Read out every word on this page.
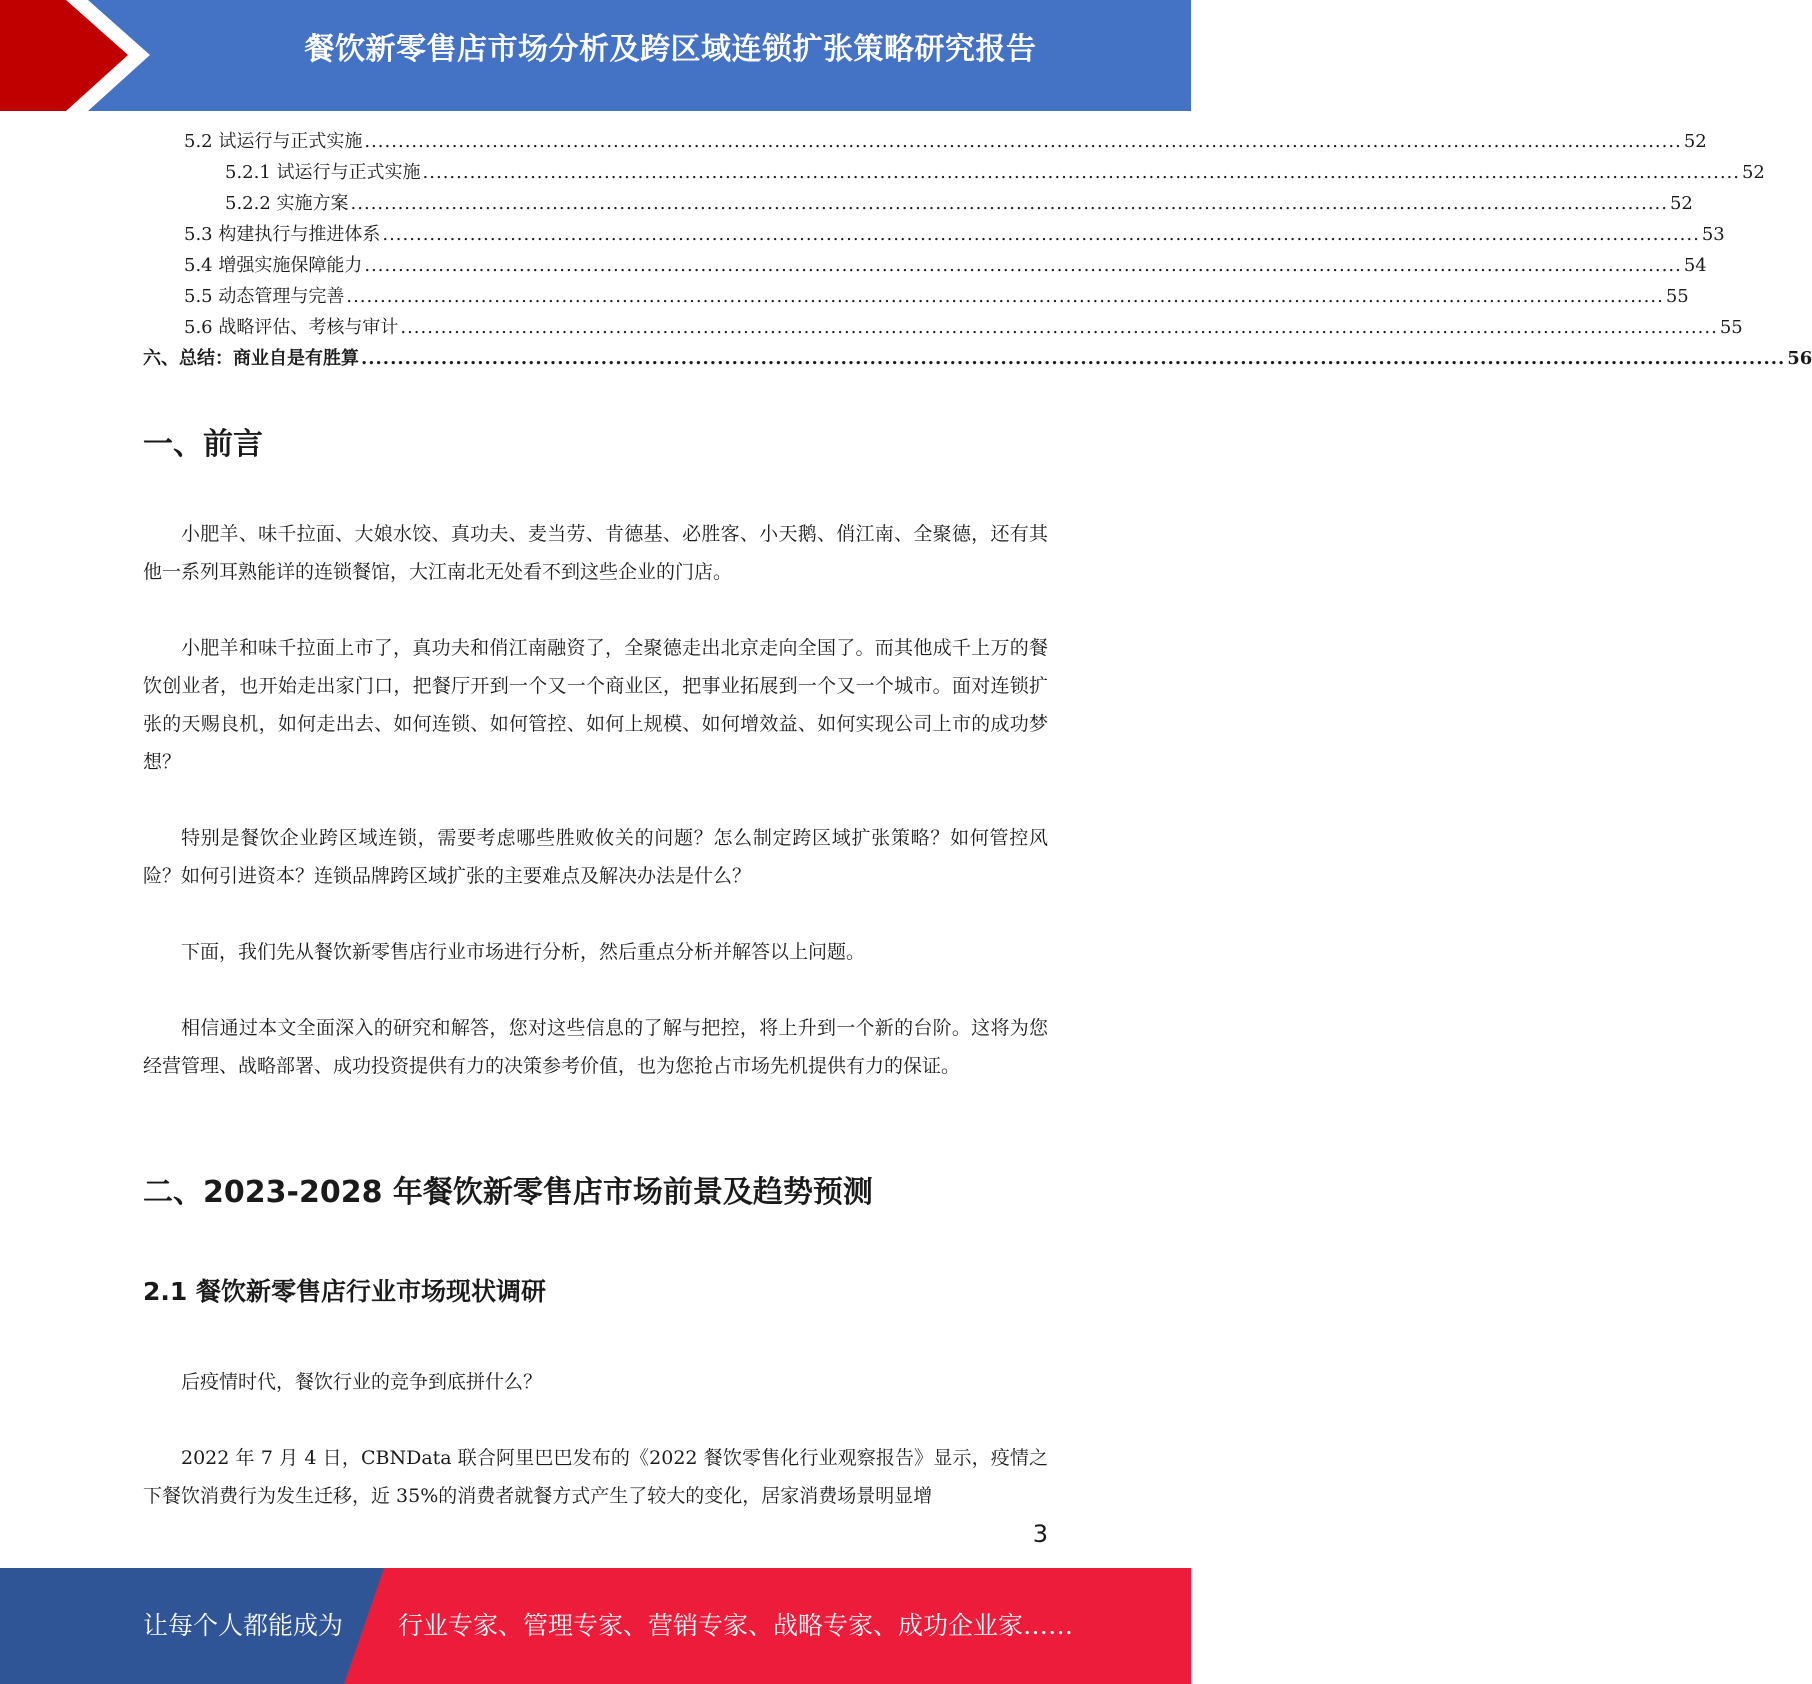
餐饮新零售店市场分析及跨区域连锁扩张策略研究报告
5.2 试运行与正式实施 .................................................................................................................................................................................................... 52
5.2.1 试运行与正式实施 .................................................................................................................................................................................................... 52
5.2.2 实施方案 .................................................................................................................................................................................................... 52
5.3 构建执行与推进体系 .................................................................................................................................................................................................... 53
5.4 增强实施保障能力 .................................................................................................................................................................................................... 54
5.5 动态管理与完善 .................................................................................................................................................................................................... 55
5.6 战略评估、考核与审计 .................................................................................................................................................................................................... 55
六、总结：商业自是有胜算 .................................................................................................................................................................................................... 56
一、前言

小肥羊、味千拉面、大娘水饺、真功夫、麦当劳、肯德基、必胜客、小天鹅、俏江南、全聚德，还有其他一系列耳熟能详的连锁餐馆，大江南北无处看不到这些企业的门店。

小肥羊和味千拉面上市了，真功夫和俏江南融资了，全聚德走出北京走向全国了。而其他成千上万的餐饮创业者，也开始走出家门口，把餐厅开到一个又一个商业区，把事业拓展到一个又一个城市。面对连锁扩张的天赐良机，如何走出去、如何连锁、如何管控、如何上规模、如何增效益、如何实现公司上市的成功梦想？

特别是餐饮企业跨区域连锁，需要考虑哪些胜败攸关的问题？怎么制定跨区域扩张策略？如何管控风险？如何引进资本？连锁品牌跨区域扩张的主要难点及解决办法是什么？

下面，我们先从餐饮新零售店行业市场进行分析，然后重点分析并解答以上问题。

相信通过本文全面深入的研究和解答，您对这些信息的了解与把控，将上升到一个新的台阶。这将为您经营管理、战略部署、成功投资提供有力的决策参考价值，也为您抢占市场先机提供有力的保证。

二、2023-2028 年餐饮新零售店市场前景及趋势预测
2.1 餐饮新零售店行业市场现状调研

后疫情时代，餐饮行业的竞争到底拼什么？

2022 年 7 月 4 日，CBNData 联合阿里巴巴发布的《2022 餐饮零售化行业观察报告》显示，疫情之下餐饮消费行为发生迁移，近 35%的消费者就餐方式产生了较大的变化，居家消费场景明显增

3
让每个人都能成为 行业专家、管理专家、营销专家、战略专家、成功企业家……
